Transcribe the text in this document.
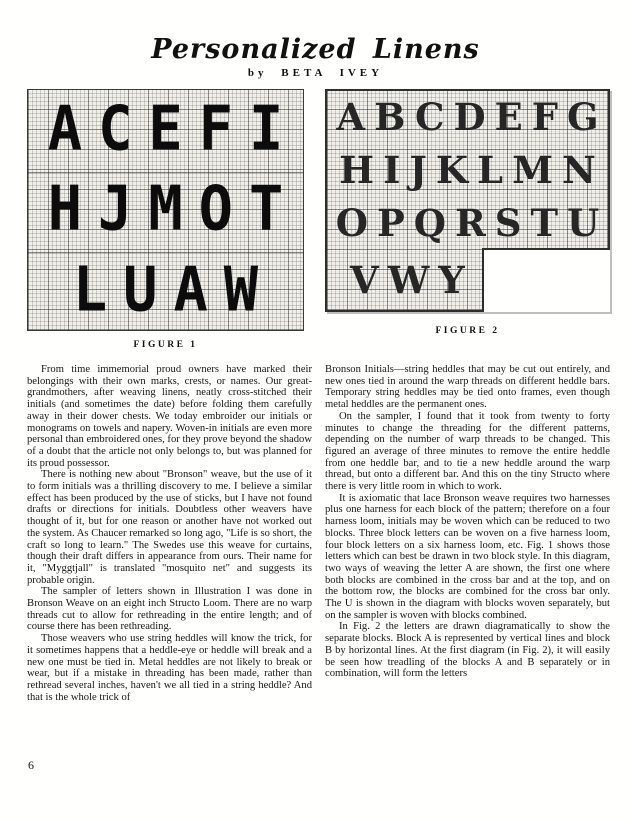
Personalized Linens
by BETA IVEY
ACEFI
HJMOT
LUAW
FIGURE 1
ABCDEFG
HIJKLMN
OPQRSTU
VWY
FIGURE 2

From time immemorial proud owners have marked their belongings with their own marks, crests, or names. Our great-grandmothers, after weaving linens, neatly cross-stitched their initials (and sometimes the date) before folding them carefully away in their dower chests. We today embroider our initials or monograms on towels and napery. Woven-in initials are even more personal than embroidered ones, for they prove beyond the shadow of a doubt that the article not only belongs to, but was planned for its proud possessor.

There is nothing new about "Bronson" weave, but the use of it to form initials was a thrilling discovery to me. I believe a similar effect has been produced by the use of sticks, but I have not found drafts or directions for initials. Doubtless other weavers have thought of it, but for one reason or another have not worked out the system. As Chaucer remarked so long ago, "Life is so short, the craft so long to learn." The Swedes use this weave for curtains, though their draft differs in appearance from ours. Their name for it, "Myggtjall" is translated "mosquito net" and suggests its probable origin.

The sampler of letters shown in Illustration I was done in Bronson Weave on an eight inch Structo Loom. There are no warp threads cut to allow for rethreading in the entire length; and of course there has been rethreading.

Those weavers who use string heddles will know the trick, for it sometimes happens that a heddle-eye or heddle will break and a new one must be tied in. Metal heddles are not likely to break or wear, but if a mistake in threading has been made, rather than rethread several inches, haven't we all tied in a string heddle? And that is the whole trick of

Bronson Initials—string heddles that may be cut out entirely, and new ones tied in around the warp threads on different heddle bars. Temporary string heddles may be tied onto frames, even though metal heddles are the permanent ones.

On the sampler, I found that it took from twenty to forty minutes to change the threading for the different patterns, depending on the number of warp threads to be changed. This figured an average of three minutes to remove the entire heddle from one heddle bar, and to tie a new heddle around the warp thread, but onto a different bar. And this on the tiny Structo where there is very little room in which to work.

It is axiomatic that lace Bronson weave requires two harnesses plus one harness for each block of the pattern; therefore on a four harness loom, initials may be woven which can be reduced to two blocks. Three block letters can be woven on a five harness loom, four block letters on a six harness loom, etc. Fig. 1 shows those letters which can best be drawn in two block style. In this diagram, two ways of weaving the letter A are shown, the first one where both blocks are combined in the cross bar and at the top, and on the bottom row, the blocks are combined for the cross bar only. The U is shown in the diagram with blocks woven separately, but on the sampler is woven with blocks combined.

In Fig. 2 the letters are drawn diagramatically to show the separate blocks. Block A is represented by vertical lines and block B by horizontal lines. At the first diagram (in Fig. 2), it will easily be seen how treadling of the blocks A and B separately or in combination, will form the letters

6
